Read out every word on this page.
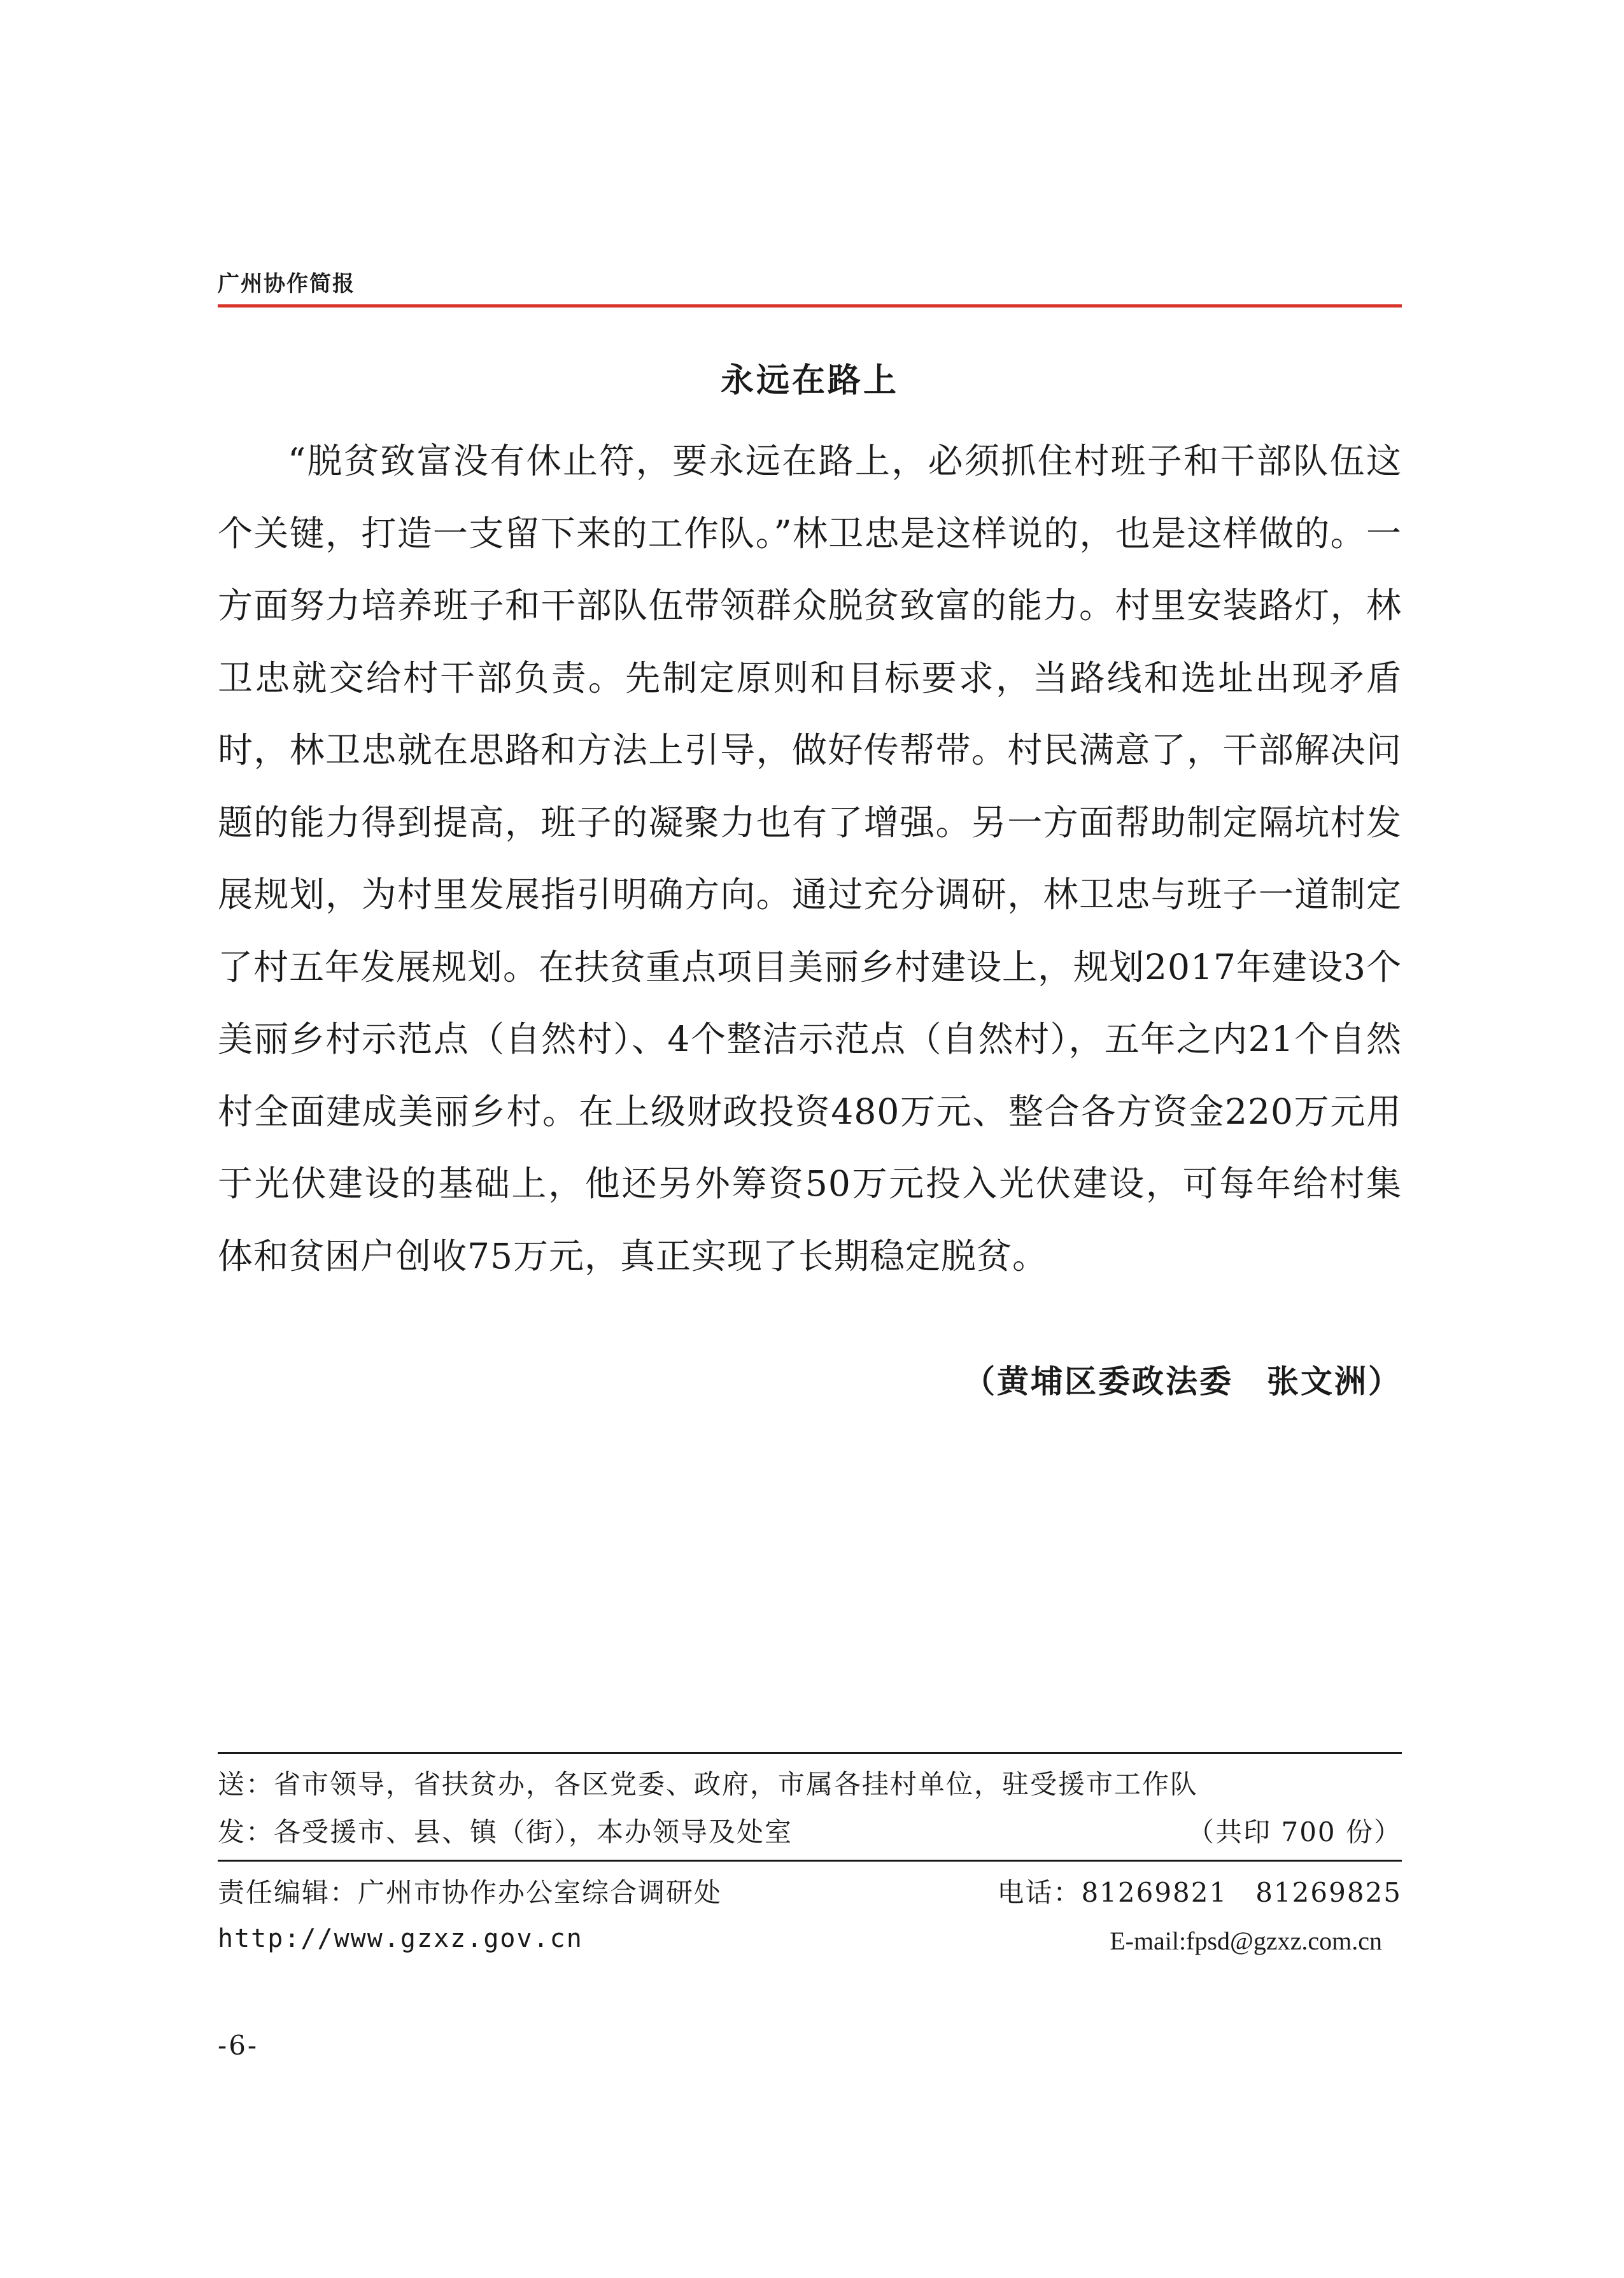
广州协作简报
永远在路上

“脱贫致富没有休止符，要永远在路上，必须抓住村班子和干部队伍这个关键，打造一支留下来的工作队。”林卫忠是这样说的，也是这样做的。一方面努力培养班子和干部队伍带领群众脱贫致富的能力。村里安装路灯，林卫忠就交给村干部负责。先制定原则和目标要求，当路线和选址出现矛盾时，林卫忠就在思路和方法上引导，做好传帮带。村民满意了，干部解决问题的能力得到提高，班子的凝聚力也有了增强。另一方面帮助制定隔坑村发展规划，为村里发展指引明确方向。通过充分调研，林卫忠与班子一道制定了村五年发展规划。在扶贫重点项目美丽乡村建设上，规划2017年建设3个美丽乡村示范点（自然村）、4个整洁示范点（自然村），五年之内21个自然村全面建成美丽乡村。在上级财政投资480万元、整合各方资金220万元用于光伏建设的基础上，他还另外筹资50万元投入光伏建设，可每年给村集体和贫困户创收75万元，真正实现了长期稳定脱贫。

（黄埔区委政法委　张文洲）
送：省市领导，省扶贫办，各区党委、政府，市属各挂村单位，驻受援市工作队
发：各受援市、县、镇（街），本办领导及处室	（共印 700 份）
责任编辑：广州市协作办公室综合调研处	电话：81269821　81269825
http://www.gzxz.gov.cn	E-mail:fpsd@gzxz.com.cn
-6-
